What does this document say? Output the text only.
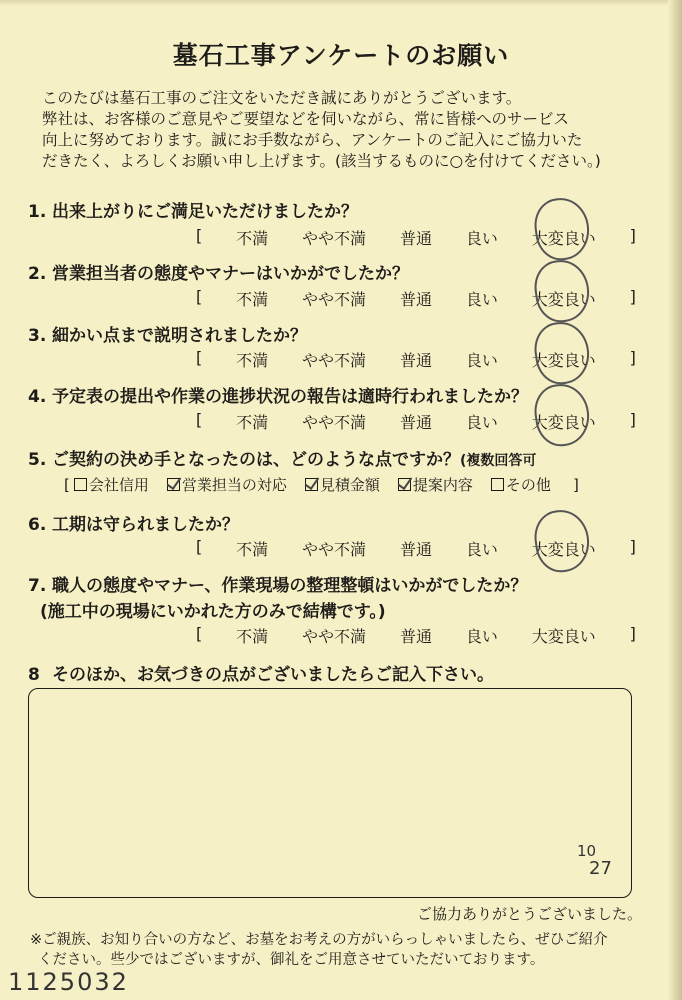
墓石工事アンケートのお願い
このたびは墓石工事のご注文をいただき誠にありがとうございます。
弊社は、お客様のご意見やご要望などを伺いながら、常に皆様へのサービス
向上に努めております。誠にお手数ながら、アンケートのご記入にご協力いた
だきたく、よろしくお願い申し上げます。(該当するものに○を付けてください。)
1. 出来上がりにご満足いただけましたか？
[ 不満 やや不満 普通 良い 大変良い ]
2. 営業担当者の態度やマナーはいかがでしたか？
[ 不満 やや不満 普通 良い 大変良い ]
3. 細かい点まで説明されましたか？
[ 不満 やや不満 普通 良い 大変良い ]
4. 予定表の提出や作業の進捗状況の報告は適時行われましたか？
[ 不満 やや不満 普通 良い 大変良い ]
5. ご契約の決め手となったのは、どのような点ですか？(複数回答可
[ 会社信用 営業担当の対応 見積金額 提案内容 その他 ]
6. 工期は守られましたか？
[ 不満 やや不満 普通 良い 大変良い ]
7. 職人の態度やマナー、作業現場の整理整頓はいかがでしたか？
(施工中の現場にいかれた方のみで結構です。)
[ 不満 やや不満 普通 良い 大変良い ]
8 そのほか、お気づきの点がございましたらご記入下さい。
10
27
ご協力ありがとうございました。
※ご親族、お知り合いの方など、お墓をお考えの方がいらっしゃいましたら、ぜひご紹介
ください。些少ではございますが、御礼をご用意させていただいております。
1125032
